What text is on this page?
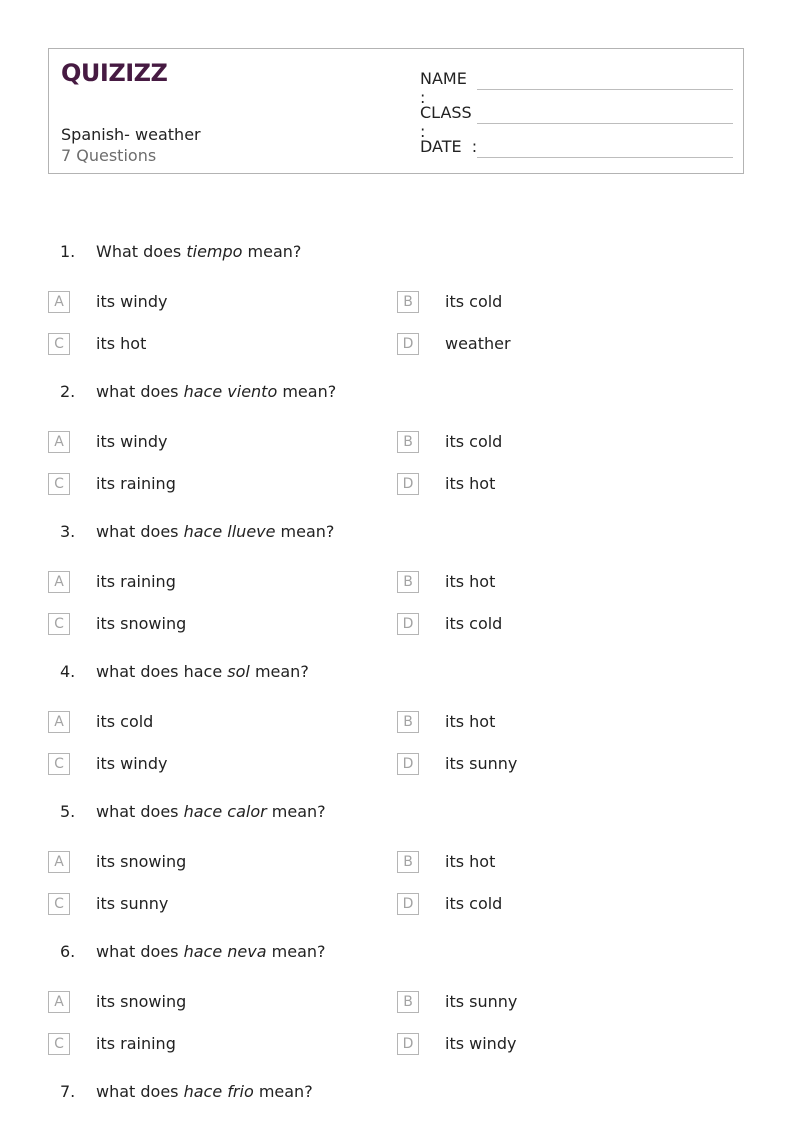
QUIZIZZ
Spanish- weather
7 Questions
NAME :
CLASS :
DATE  :
1. What does tiempo mean?
A	its windy	B	its cold
C	its hot	D	weather
2. what does hace viento mean?
A	its windy	B	its cold
C	its raining	D	its hot
3. what does hace llueve mean?
A	its raining	B	its hot
C	its snowing	D	its cold
4. what does hace sol mean?
A	its cold	B	its hot
C	its windy	D	its sunny
5. what does hace calor mean?
A	its snowing	B	its hot
C	its sunny	D	its cold
6. what does hace neva mean?
A	its snowing	B	its sunny
C	its raining	D	its windy
7. what does hace frio mean?
